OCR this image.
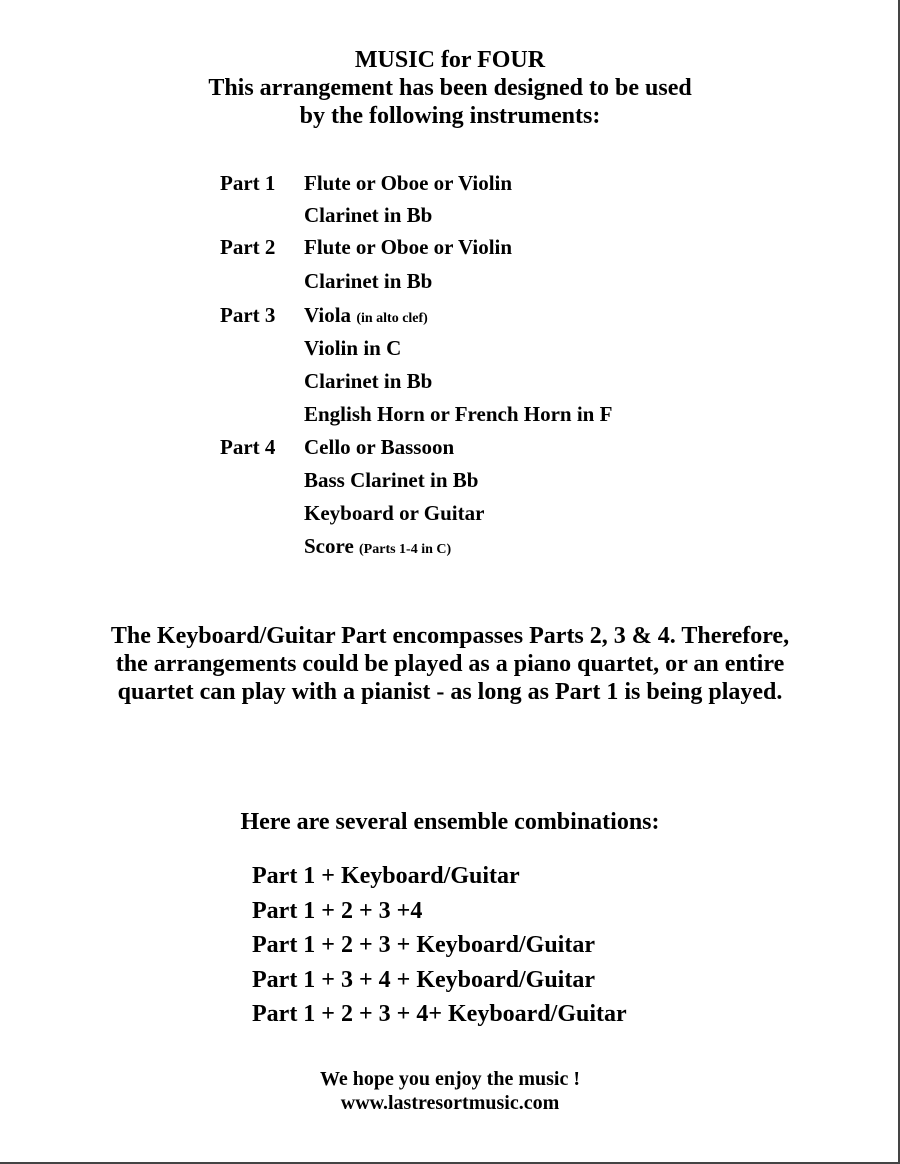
MUSIC for FOUR
This arrangement has been designed to be used
by the following instruments:
Part 1 Flute or Oboe or Violin
Clarinet in Bb
Part 2 Flute or Oboe or Violin
Clarinet in Bb
Part 3 Viola (in alto clef)
Violin in C
Clarinet in Bb
English Horn or French Horn in F
Part 4 Cello or Bassoon
Bass Clarinet in Bb
Keyboard or Guitar
Score (Parts 1-4 in C)
The Keyboard/Guitar Part encompasses Parts 2, 3 & 4. Therefore,
the arrangements could be played as a piano quartet, or an entire
quartet can play with a pianist - as long as Part 1 is being played.
Here are several ensemble combinations:
Part 1 + Keyboard/Guitar
Part 1 + 2 + 3 +4
Part 1 + 2 + 3 + Keyboard/Guitar
Part 1 + 3 + 4 + Keyboard/Guitar
Part 1 + 2 + 3 + 4+ Keyboard/Guitar
We hope you enjoy the music !
www.lastresortmusic.com
